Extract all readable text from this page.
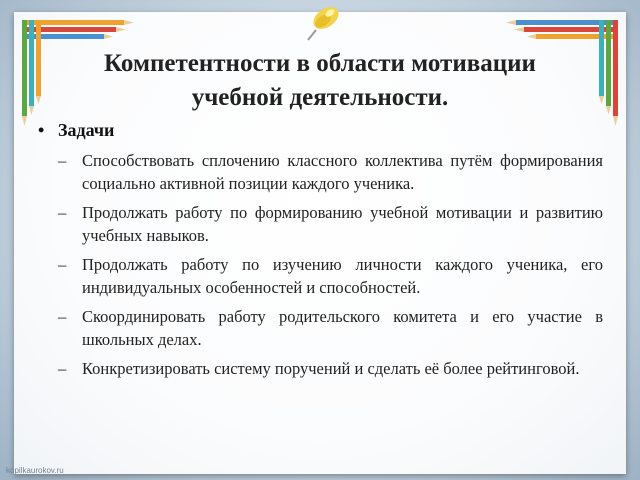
Компетентности в области мотивации учебной деятельности.
• Задачи
– Способствовать сплочению классного коллектива путём формирования социально активной позиции каждого ученика.
– Продолжать работу по формированию учебной мотивации и развитию учебных навыков.
– Продолжать работу по изучению личности каждого ученика, его индивидуальных особенностей и способностей.
– Скоординировать работу родительского комитета и его участие в школьных делах.
– Конкретизировать систему поручений и сделать её более рейтинговой.
kopilkaurokov.ru
